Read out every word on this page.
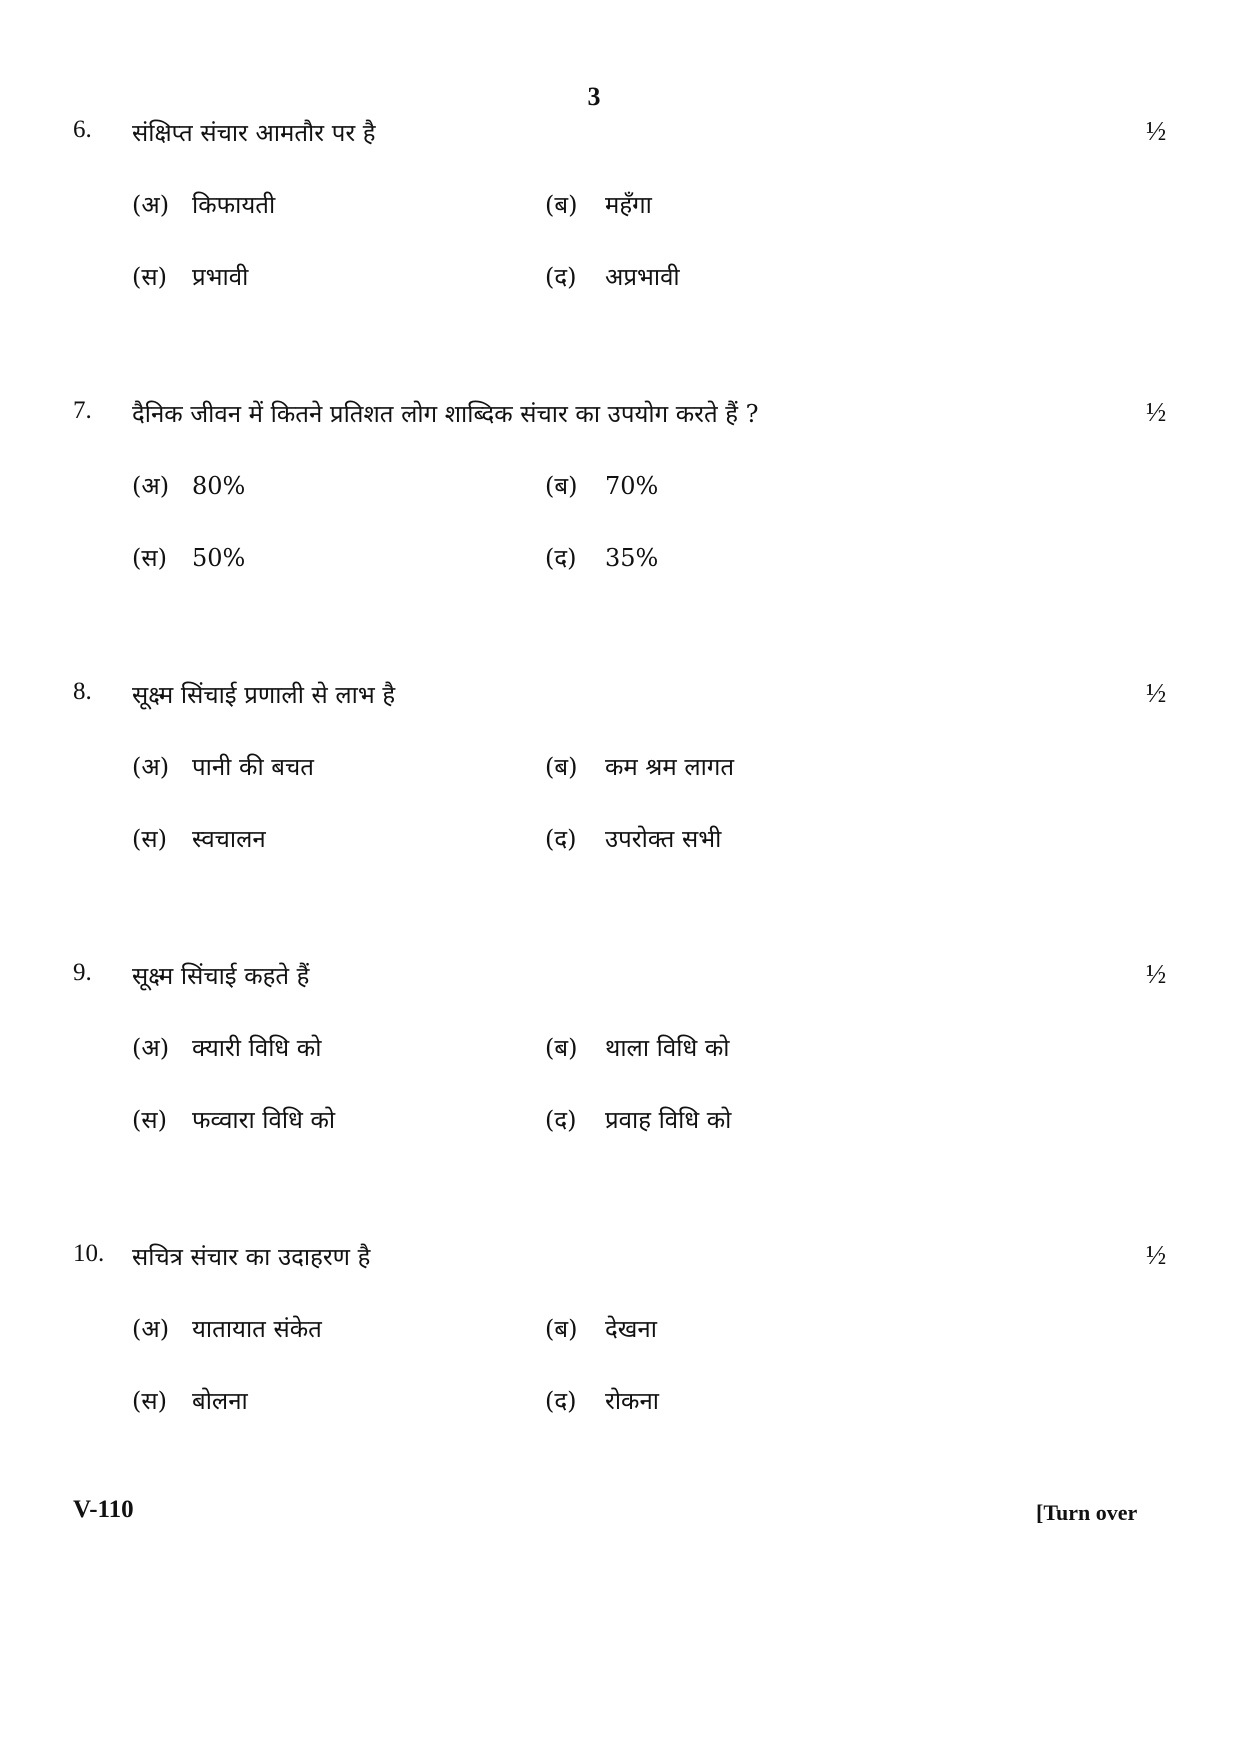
3
6. संक्षिप्त संचार आमतौर पर है	½
(अ) किफायती	(ब) महँगा
(स) प्रभावी	(द) अप्रभावी
7. दैनिक जीवन में कितने प्रतिशत लोग शाब्दिक संचार का उपयोग करते हैं ?	½
(अ) 80%	(ब) 70%
(स) 50%	(द) 35%
8. सूक्ष्म सिंचाई प्रणाली से लाभ है	½
(अ) पानी की बचत	(ब) कम श्रम लागत
(स) स्वचालन	(द) उपरोक्त सभी
9. सूक्ष्म सिंचाई कहते हैं	½
(अ) क्यारी विधि को	(ब) थाला विधि को
(स) फव्वारा विधि को	(द) प्रवाह विधि को
10. सचित्र संचार का उदाहरण है	½
(अ) यातायात संकेत	(ब) देखना
(स) बोलना	(द) रोकना
V-110	[Turn over
